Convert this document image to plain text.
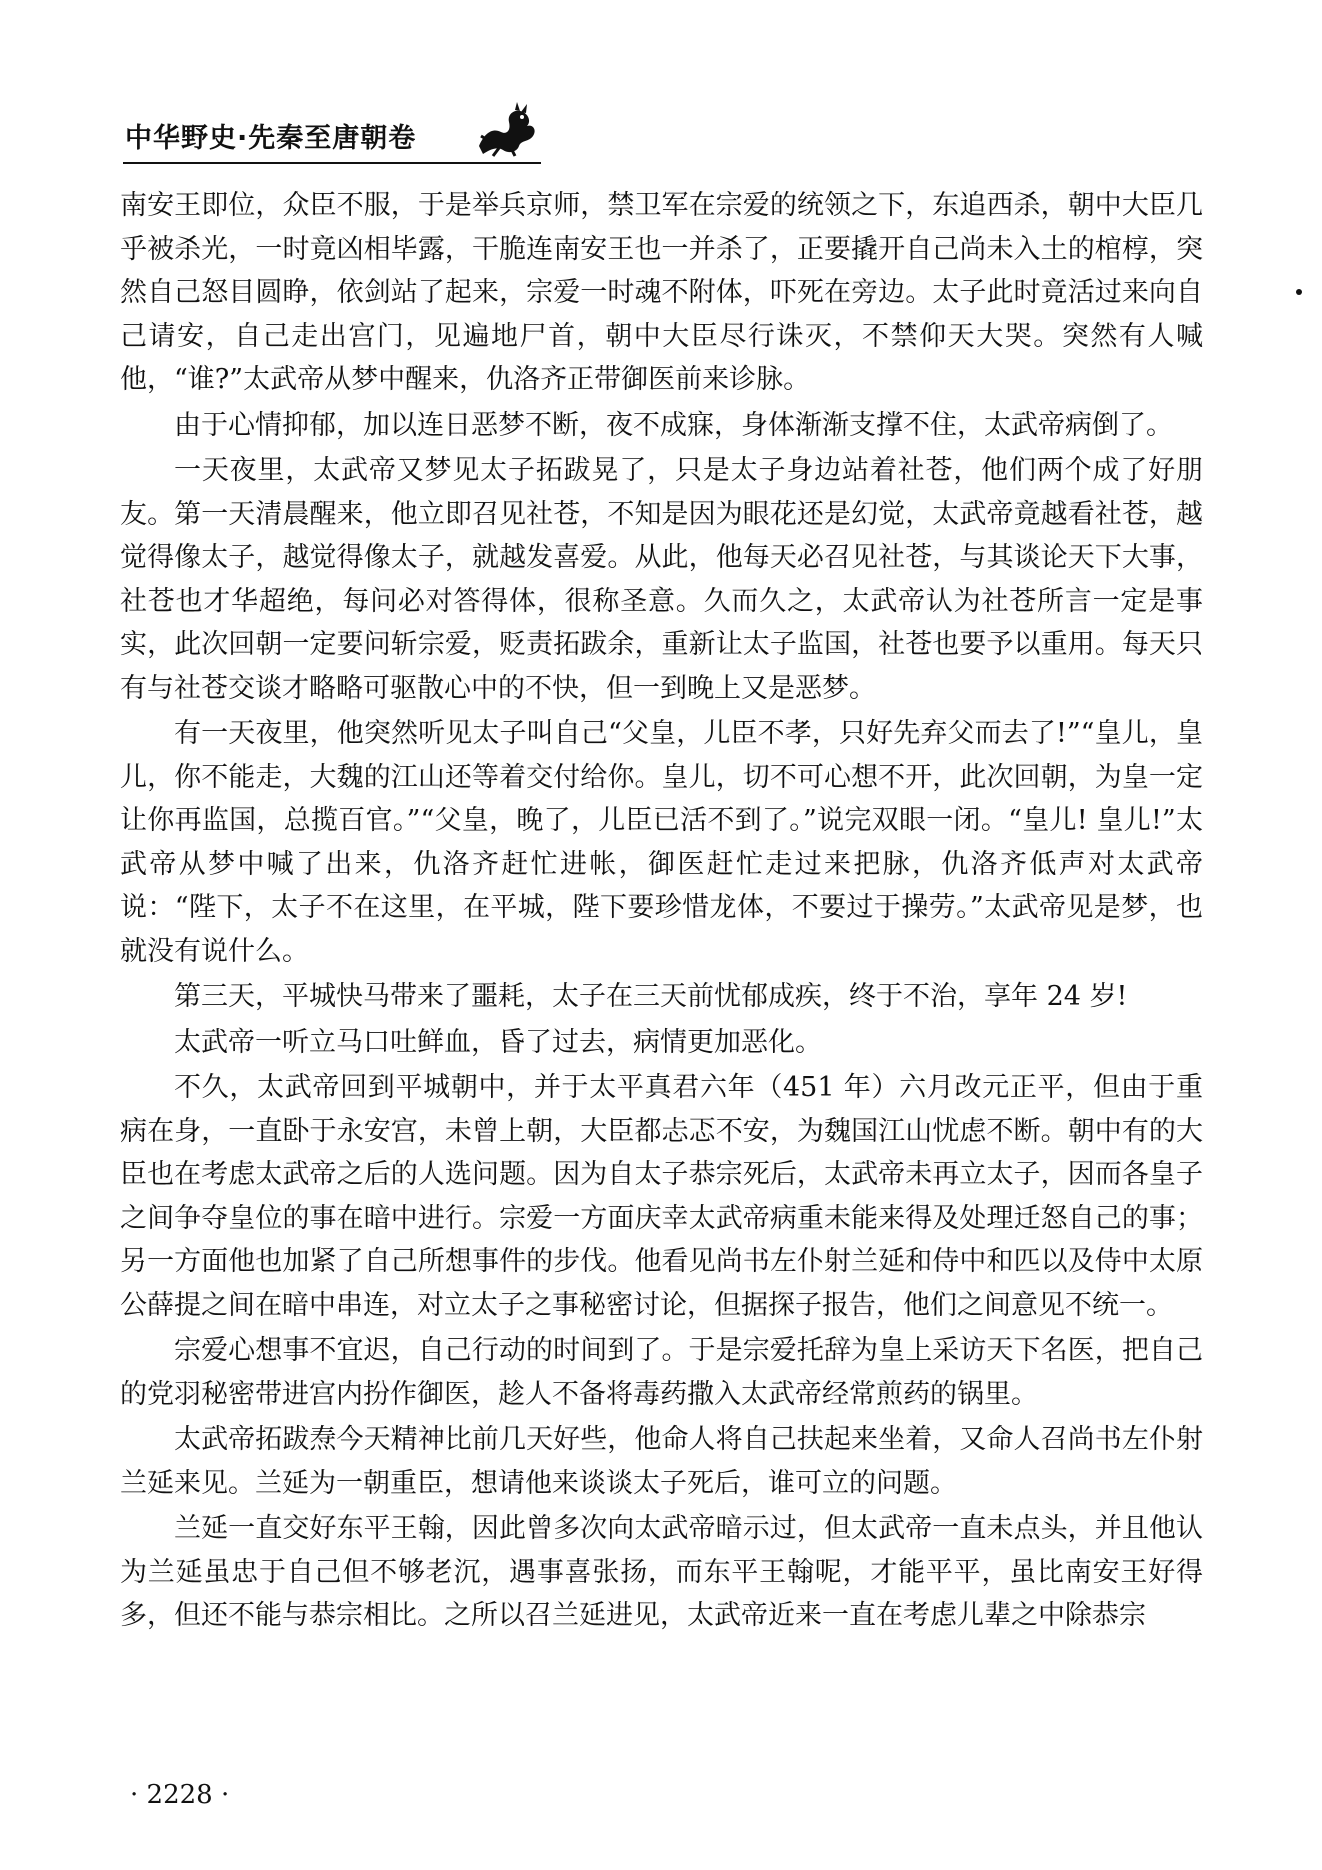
中华野史·先秦至唐朝卷

南安王即位，众臣不服，于是举兵京师，禁卫军在宗爱的统领之下，东追西杀，朝中大臣几乎被杀光，一时竟凶相毕露，干脆连南安王也一并杀了，正要撬开自己尚未入土的棺椁，突然自己怒目圆睁，依剑站了起来，宗爱一时魂不附体，吓死在旁边。太子此时竟活过来向自己请安，自己走出宫门，见遍地尸首，朝中大臣尽行诛灭，不禁仰天大哭。突然有人喊他，“谁?”太武帝从梦中醒来，仇洛齐正带御医前来诊脉。

由于心情抑郁，加以连日恶梦不断，夜不成寐，身体渐渐支撑不住，太武帝病倒了。

一天夜里，太武帝又梦见太子拓跋晃了，只是太子身边站着社苍，他们两个成了好朋友。第一天清晨醒来，他立即召见社苍，不知是因为眼花还是幻觉，太武帝竟越看社苍，越觉得像太子，越觉得像太子，就越发喜爱。从此，他每天必召见社苍，与其谈论天下大事，社苍也才华超绝，每问必对答得体，很称圣意。久而久之，太武帝认为社苍所言一定是事实，此次回朝一定要问斩宗爱，贬责拓跋余，重新让太子监国，社苍也要予以重用。每天只有与社苍交谈才略略可驱散心中的不快，但一到晚上又是恶梦。

有一天夜里，他突然听见太子叫自己“父皇，儿臣不孝，只好先弃父而去了!”“皇儿，皇儿，你不能走，大魏的江山还等着交付给你。皇儿，切不可心想不开，此次回朝，为皇一定让你再监国，总揽百官。”“父皇，晚了，儿臣已活不到了。”说完双眼一闭。“皇儿! 皇儿!”太武帝从梦中喊了出来，仇洛齐赶忙进帐，御医赶忙走过来把脉，仇洛齐低声对太武帝说：“陛下，太子不在这里，在平城，陛下要珍惜龙体，不要过于操劳。”太武帝见是梦，也就没有说什么。

第三天，平城快马带来了噩耗，太子在三天前忧郁成疾，终于不治，享年 24 岁!

太武帝一听立马口吐鲜血，昏了过去，病情更加恶化。

不久，太武帝回到平城朝中，并于太平真君六年（451 年）六月改元正平，但由于重病在身，一直卧于永安宫，未曾上朝，大臣都忐忑不安，为魏国江山忧虑不断。朝中有的大臣也在考虑太武帝之后的人选问题。因为自太子恭宗死后，太武帝未再立太子，因而各皇子之间争夺皇位的事在暗中进行。宗爱一方面庆幸太武帝病重未能来得及处理迁怒自己的事；另一方面他也加紧了自己所想事件的步伐。他看见尚书左仆射兰延和侍中和匹以及侍中太原公薛提之间在暗中串连，对立太子之事秘密讨论，但据探子报告，他们之间意见不统一。

宗爱心想事不宜迟，自己行动的时间到了。于是宗爱托辞为皇上采访天下名医，把自己的党羽秘密带进宫内扮作御医，趁人不备将毒药撒入太武帝经常煎药的锅里。

太武帝拓跋焘今天精神比前几天好些，他命人将自己扶起来坐着，又命人召尚书左仆射兰延来见。兰延为一朝重臣，想请他来谈谈太子死后，谁可立的问题。

兰延一直交好东平王翰，因此曾多次向太武帝暗示过，但太武帝一直未点头，并且他认为兰延虽忠于自己但不够老沉，遇事喜张扬，而东平王翰呢，才能平平，虽比南安王好得多，但还不能与恭宗相比。之所以召兰延进见，太武帝近来一直在考虑儿辈之中除恭宗

· 2228 ·
